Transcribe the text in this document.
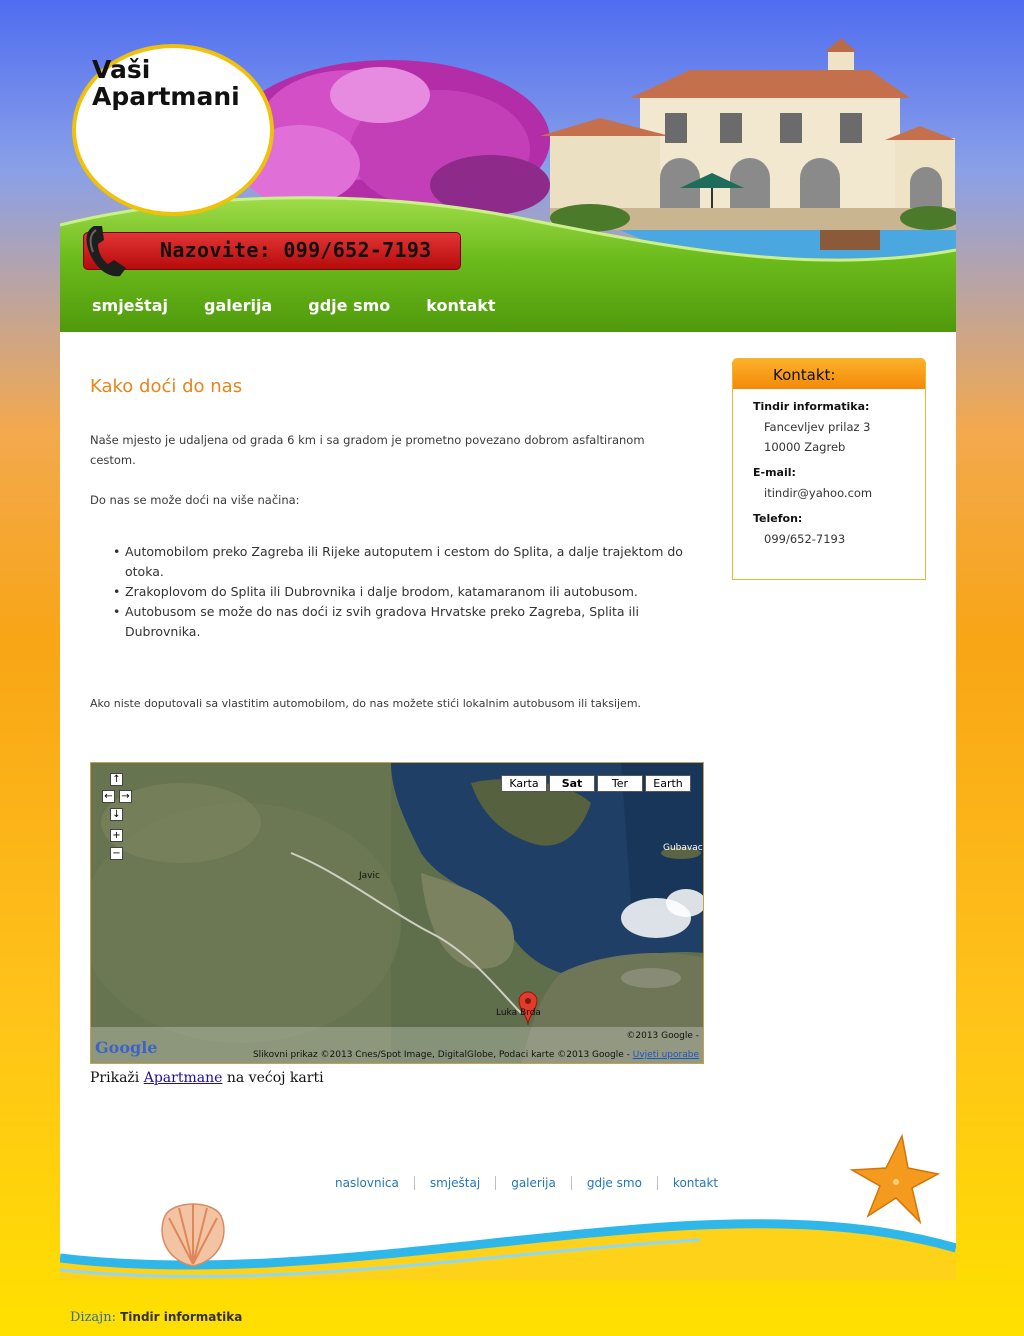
Vaši
Apartmani
Nazovite: 099/652-7193
smještaj galerija gdje smo kontakt
Kako doći do nas
Naše mjesto je udaljena od grada 6 km i sa gradom je prometno povezano dobrom asfaltiranom cestom.
Do nas se može doći na više načina:
• Automobilom preko Zagreba ili Rijeke autoputem i cestom do Splita, a dalje trajektom do otoka.
• Zrakoplovom do Splita ili Dubrovnika i dalje brodom, katamaranom ili autobusom.
• Autobusom se može do nas doći iz svih gradova Hrvatske preko Zagreba, Splita ili Dubrovnika.
Ako niste doputovali sa vlastitim automobilom, do nas možete stići lokalnim autobusom ili taksijem.
Javic
Gubavac
Luka Brda
↑
← →
↓
+
−
Karta	Sat	Ter	Earth
©2013 Google -
Slikovni prikaz ©2013 Cnes/Spot Image, DigitalGlobe, Podaci karte ©2013 Google - Uvjeti uporabe
Google
Prikaži Apartmane na većoj karti
Kontakt:
Tindir informatika:
Fancevljev prilaz 3
10000 Zagreb
E-mail:
itindir@yahoo.com
Telefon:
099/652-7193
naslovnica	smještaj	galerija	gdje smo	kontakt
Dizajn: Tindir informatika
